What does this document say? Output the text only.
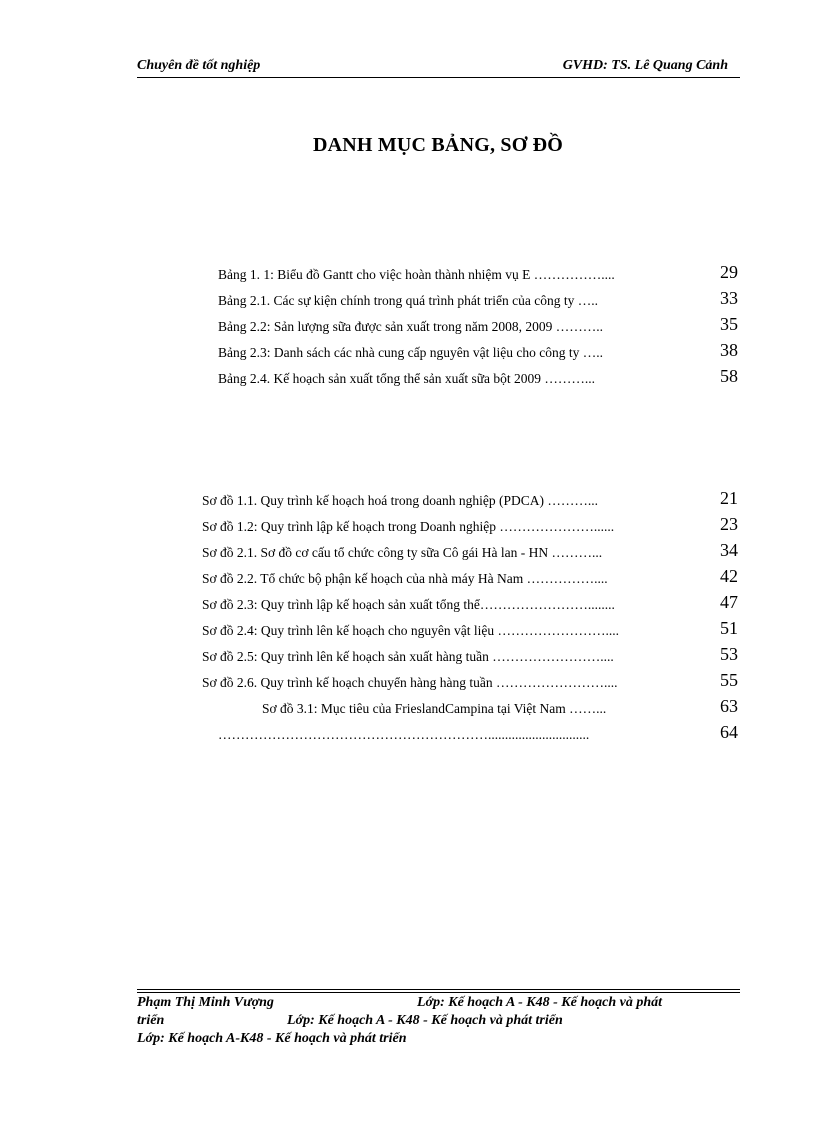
Chuyên đề tốt nghiệp	GVHD: TS. Lê Quang Cảnh
DANH MỤC BẢNG, SƠ ĐỒ
Bảng 1. 1: Biểu đồ Gantt cho việc hoàn thành nhiệm vụ E ……………....	29
Bảng 2.1. Các sự kiện chính trong quá trình phát triển của công ty …..	33
Bảng 2.2: Sản lượng sữa được sản xuất trong năm 2008, 2009 ………..	35
Bảng 2.3: Danh sách các nhà cung cấp nguyên vật liệu cho công ty …..	38
Bảng 2.4. Kế hoạch sản xuất tổng thể sản xuất sữa bột 2009 ………...	58
Sơ đồ 1.1. Quy trình kế hoạch hoá trong doanh nghiệp (PDCA) ………...	21
Sơ đồ 1.2: Quy trình lập kế hoạch trong Doanh nghiệp …………………......	23
Sơ đồ 2.1. Sơ đồ cơ cấu tổ chức công ty sữa Cô gái Hà lan - HN ………...	34
Sơ đồ 2.2. Tổ chức bộ phận kế hoạch của nhà máy Hà Nam ……………....	42
Sơ đồ 2.3: Quy trình lập kế hoạch sản xuất tổng thể……………………........	47
Sơ đồ 2.4: Quy trình lên kế hoạch cho nguyên vật liệu ……………………....	51
Sơ đồ 2.5: Quy trình lên kế hoạch sản xuất hàng tuần ……………………....	53
Sơ đồ 2.6. Quy trình kế hoạch chuyển hàng hàng tuần ……………………....	55
Sơ đồ 3.1: Mục tiêu của FrieslandCampina tại Việt Nam ……...	63
……………………………………………………..............................	64
Phạm Thị Minh Vượng	Lớp: Kế hoạch A - K48 - Kế hoạch và phát
triển	Lớp: Kế hoạch A - K48 - Kế hoạch và phát triển
Lớp: Kế hoạch A-K48 - Kế hoạch và phát triển
